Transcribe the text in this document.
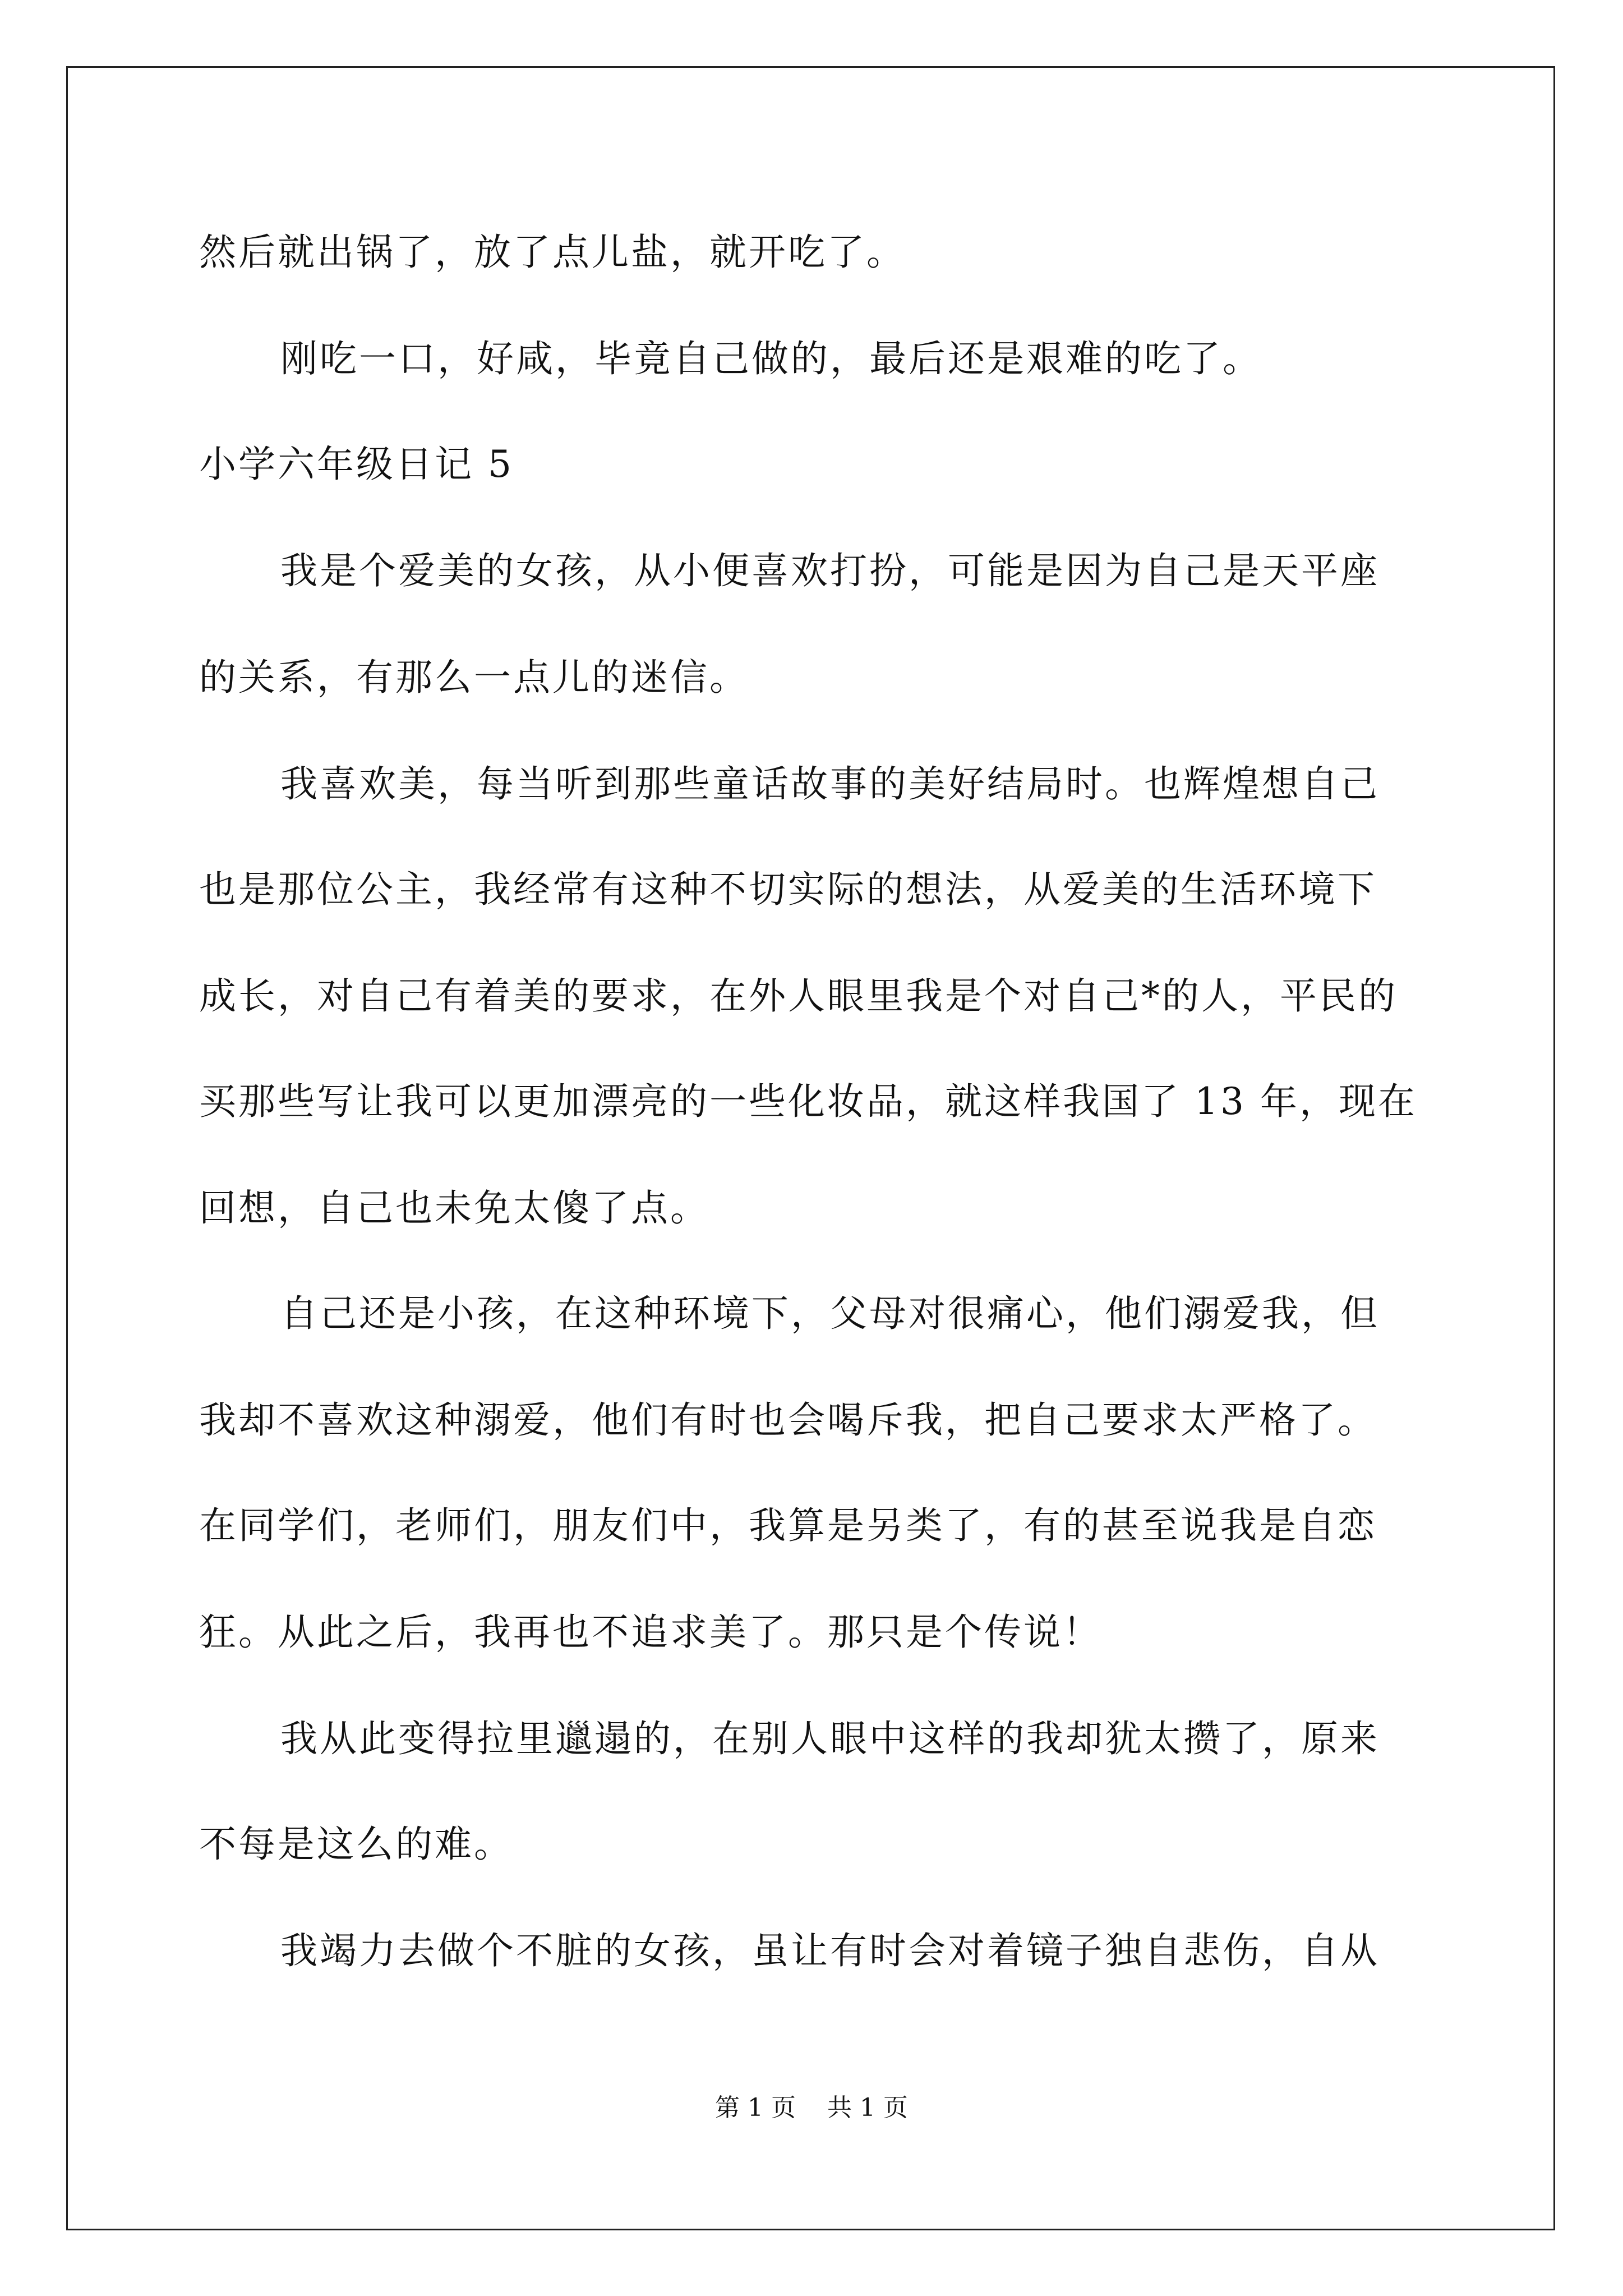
然后就出锅了，放了点儿盐，就开吃了。
刚吃一口，好咸，毕竟自己做的，最后还是艰难的吃了。
小学六年级日记 5
我是个爱美的女孩，从小便喜欢打扮，可能是因为自己是天平座
的关系，有那么一点儿的迷信。
我喜欢美，每当听到那些童话故事的美好结局时。也辉煌想自己
也是那位公主，我经常有这种不切实际的想法，从爱美的生活环境下
成长，对自己有着美的要求，在外人眼里我是个对自己*的人，平民的
买那些写让我可以更加漂亮的一些化妆品，就这样我国了 13 年，现在
回想，自己也未免太傻了点。
自己还是小孩，在这种环境下，父母对很痛心，他们溺爱我，但
我却不喜欢这种溺爱，他们有时也会喝斥我，把自己要求太严格了。
在同学们，老师们，朋友们中，我算是另类了，有的甚至说我是自恋
狂。从此之后，我再也不追求美了。那只是个传说！
我从此变得拉里邋遢的，在别人眼中这样的我却犹太攒了，原来
不每是这么的难。
我竭力去做个不脏的女孩，虽让有时会对着镜子独自悲伤，自从
第 1 页    共 1 页
